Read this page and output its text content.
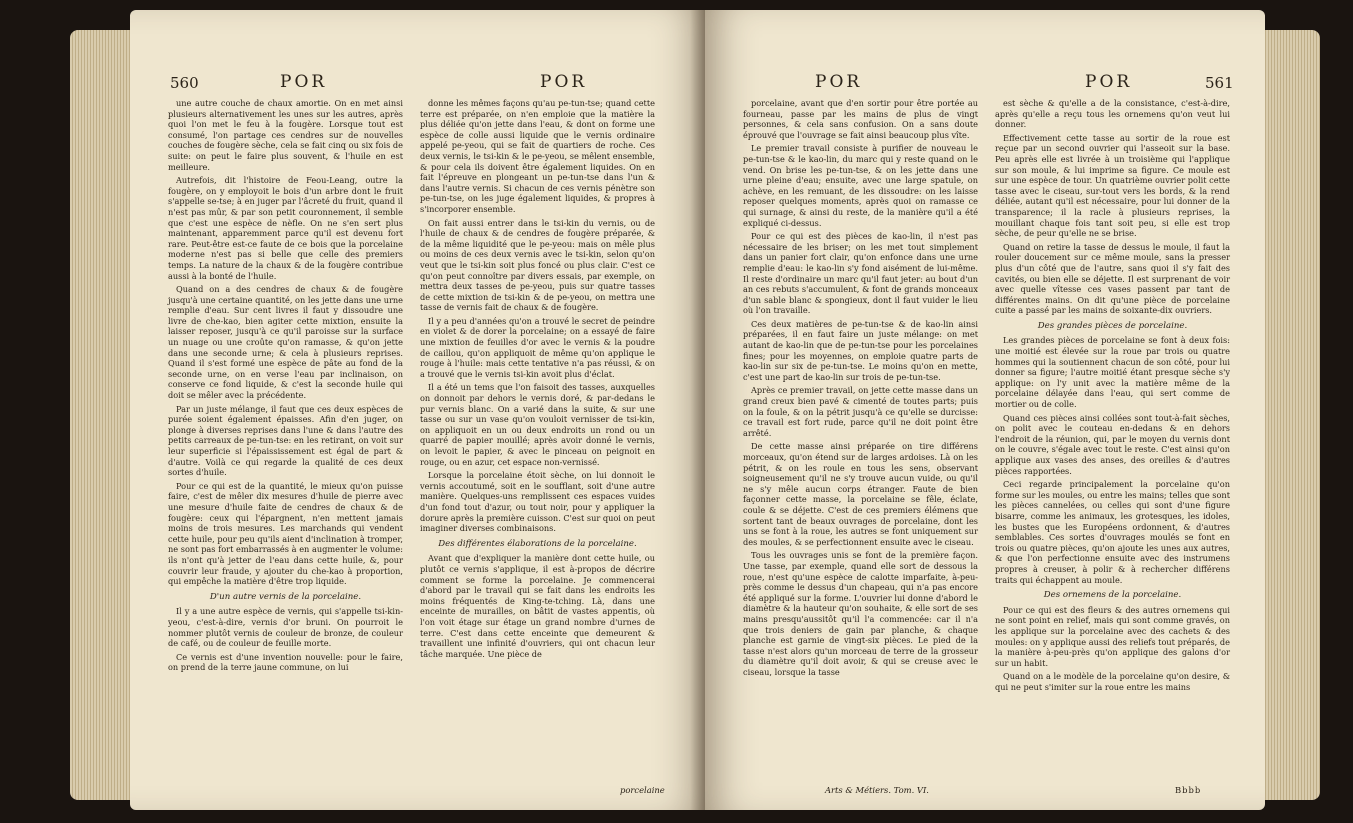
560	POR	POR

une autre couche de chaux amortie. On en met ainsi plusieurs alternativement les unes sur les autres, après quoi l'on met le feu à la fougère. Lorsque tout est consumé, l'on partage ces cendres sur de nouvelles couches de fougère sèche, cela se fait cinq ou six fois de suite: on peut le faire plus souvent, & l'huile en est meilleure.

Autrefois, dit l'histoire de Feou-Leang, outre la fougère, on y employoit le bois d'un arbre dont le fruit s'appelle se-tse; à en juger par l'âcreté du fruit, quand il n'est pas mûr, & par son petit couronnement, il semble que c'est une espèce de nèfle. On ne s'en sert plus maintenant, apparemment parce qu'il est devenu fort rare. Peut-être est-ce faute de ce bois que la porcelaine moderne n'est pas si belle que celle des premiers temps. La nature de la chaux & de la fougère contribue aussi à la bonté de l'huile.

Quand on a des cendres de chaux & de fougère jusqu'à une certaine quantité, on les jette dans une urne remplie d'eau. Sur cent livres il faut y dissoudre une livre de che-kao, bien agiter cette mixtion, ensuite la laisser reposer, jusqu'à ce qu'il paroisse sur la surface un nuage ou une croûte qu'on ramasse, & qu'on jette dans une seconde urne; & cela à plusieurs reprises. Quand il s'est formé une espèce de pâte au fond de la seconde urne, on en verse l'eau par inclinaison, on conserve ce fond liquide, & c'est la seconde huile qui doit se mêler avec la précédente.

Par un juste mélange, il faut que ces deux espèces de purée soient également épaisses. Afin d'en juger, on plonge à diverses reprises dans l'une & dans l'autre des petits carreaux de pe-tun-tse: en les retirant, on voit sur leur superficie si l'épaississement est égal de part & d'autre. Voilà ce qui regarde la qualité de ces deux sortes d'huile.

Pour ce qui est de la quantité, le mieux qu'on puisse faire, c'est de mêler dix mesures d'huile de pierre avec une mesure d'huile faite de cendres de chaux & de fougère: ceux qui l'épargnent, n'en mettent jamais moins de trois mesures. Les marchands qui vendent cette huile, pour peu qu'ils aient d'inclination à tromper, ne sont pas fort embarrassés à en augmenter le volume: ils n'ont qu'à jetter de l'eau dans cette huile, &, pour couvrir leur fraude, y ajouter du che-kao à proportion, qui empêche la matière d'être trop liquide.

D'un autre vernis de la porcelaine.

Il y a une autre espèce de vernis, qui s'appelle tsi-kin-yeou, c'est-à-dire, vernis d'or bruni. On pourroit le nommer plutôt vernis de couleur de bronze, de couleur de café, ou de couleur de feuille morte.

Ce vernis est d'une invention nouvelle: pour le faire, on prend de la terre jaune commune, on lui

donne les mêmes façons qu'au pe-tun-tse; quand cette terre est préparée, on n'en emploie que la matière la plus déliée qu'on jette dans l'eau, & dont on forme une espèce de colle aussi liquide que le vernis ordinaire appelé pe-yeou, qui se fait de quartiers de roche. Ces deux vernis, le tsi-kin & le pe-yeou, se mêlent ensemble, & pour cela ils doivent être également liquides. On en fait l'épreuve en plongeant un pe-tun-tse dans l'un & dans l'autre vernis. Si chacun de ces vernis pénètre son pe-tun-tse, on les juge également liquides, & propres à s'incorporer ensemble.

On fait aussi entrer dans le tsi-kin du vernis, ou de l'huile de chaux & de cendres de fougère préparée, & de la même liquidité que le pe-yeou: mais on mêle plus ou moins de ces deux vernis avec le tsi-kin, selon qu'on veut que le tsi-kin soit plus foncé ou plus clair. C'est ce qu'on peut connoître par divers essais, par exemple, on mettra deux tasses de pe-yeou, puis sur quatre tasses de cette mixtion de tsi-kin & de pe-yeou, on mettra une tasse de vernis fait de chaux & de fougère.

Il y a peu d'années qu'on a trouvé le secret de peindre en violet & de dorer la porcelaine; on a essayé de faire une mixtion de feuilles d'or avec le vernis & la poudre de caillou, qu'on appliquoit de même qu'on applique le rouge à l'huile: mais cette tentative n'a pas réussi, & on a trouvé que le vernis tsi-kin avoit plus d'éclat.

Il a été un tems que l'on faisoit des tasses, auxquelles on donnoit par dehors le vernis doré, & par-dedans le pur vernis blanc. On a varié dans la suite, & sur une tasse ou sur un vase qu'on vouloit vernisser de tsi-kin, on appliquoit en un ou deux endroits un rond ou un quarré de papier mouillé; après avoir donné le vernis, on levoit le papier, & avec le pinceau on peignoit en rouge, ou en azur, cet espace non-vernissé.

Lorsque la porcelaine étoit sèche, on lui donnoit le vernis accoutumé, soit en le soufflant, soit d'une autre manière. Quelques-uns remplissent ces espaces vuides d'un fond tout d'azur, ou tout noir, pour y appliquer la dorure après la première cuisson. C'est sur quoi on peut imaginer diverses combinaisons.

Des différentes élaborations de la porcelaine.

Avant que d'expliquer la manière dont cette huile, ou plutôt ce vernis s'applique, il est à-propos de décrire comment se forme la porcelaine. Je commencerai d'abord par le travail qui se fait dans les endroits les moins fréquentés de King-te-tching. Là, dans une enceinte de murailles, on bâtit de vastes appentis, où l'on voit étage sur étage un grand nombre d'urnes de terre. C'est dans cette enceinte que demeurent & travaillent une infinité d'ouvriers, qui ont chacun leur tâche marquée. Une pièce de

porcelaine
POR	POR	561

porcelaine, avant que d'en sortir pour être portée au fourneau, passe par les mains de plus de vingt personnes, & cela sans confusion. On a sans doute éprouvé que l'ouvrage se fait ainsi beaucoup plus vîte.

Le premier travail consiste à purifier de nouveau le pe-tun-tse & le kao-lin, du marc qui y reste quand on le vend. On brise les pe-tun-tse, & on les jette dans une urne pleine d'eau; ensuite, avec une large spatule, on achève, en les remuant, de les dissoudre: on les laisse reposer quelques moments, après quoi on ramasse ce qui surnage, & ainsi du reste, de la manière qu'il a été expliqué ci-dessus.

Pour ce qui est des pièces de kao-lin, il n'est pas nécessaire de les briser; on les met tout simplement dans un panier fort clair, qu'on enfonce dans une urne remplie d'eau: le kao-lin s'y fond aisément de lui-même. Il reste d'ordinaire un marc qu'il faut jeter: au bout d'un an ces rebuts s'accumulent, & font de grands monceaux d'un sable blanc & spongieux, dont il faut vuider le lieu où l'on travaille.

Ces deux matières de pe-tun-tse & de kao-lin ainsi préparées, il en faut faire un juste mélange: on met autant de kao-lin que de pe-tun-tse pour les porcelaines fines; pour les moyennes, on emploie quatre parts de kao-lin sur six de pe-tun-tse. Le moins qu'on en mette, c'est une part de kao-lin sur trois de pe-tun-tse.

Après ce premier travail, on jette cette masse dans un grand creux bien pavé & cimenté de toutes parts; puis on la foule, & on la pétrit jusqu'à ce qu'elle se durcisse: ce travail est fort rude, parce qu'il ne doit point être arrêté.

De cette masse ainsi préparée on tire différens morceaux, qu'on étend sur de larges ardoises. Là on les pétrit, & on les roule en tous les sens, observant soigneusement qu'il ne s'y trouve aucun vuide, ou qu'il ne s'y mêle aucun corps étranger. Faute de bien façonner cette masse, la porcelaine se fêle, éclate, coule & se déjette. C'est de ces premiers élémens que sortent tant de beaux ouvrages de porcelaine, dont les uns se font à la roue, les autres se font uniquement sur des moules, & se perfectionnent ensuite avec le ciseau.

Tous les ouvrages unis se font de la première façon. Une tasse, par exemple, quand elle sort de dessous la roue, n'est qu'une espèce de calotte imparfaite, à-peu-près comme le dessus d'un chapeau, qui n'a pas encore été appliqué sur la forme. L'ouvrier lui donne d'abord le diamètre & la hauteur qu'on souhaite, & elle sort de ses mains presqu'aussitôt qu'il l'a commencée: car il n'a que trois deniers de gain par planche, & chaque planche est garnie de vingt-six pièces. Le pied de la tasse n'est alors qu'un morceau de terre de la grosseur du diamètre qu'il doit avoir, & qui se creuse avec le ciseau, lorsque la tasse

Arts & Métiers. Tom. VI.

est sèche & qu'elle a de la consistance, c'est-à-dire, après qu'elle a reçu tous les ornemens qu'on veut lui donner.

Effectivement cette tasse au sortir de la roue est reçue par un second ouvrier qui l'asseoit sur la base. Peu après elle est livrée à un troisième qui l'applique sur son moule, & lui imprime sa figure. Ce moule est sur une espèce de tour. Un quatrième ouvrier polit cette tasse avec le ciseau, sur-tout vers les bords, & la rend déliée, autant qu'il est nécessaire, pour lui donner de la transparence; il la racle à plusieurs reprises, la mouillant chaque fois tant soit peu, si elle est trop sèche, de peur qu'elle ne se brise.

Quand on retire la tasse de dessus le moule, il faut la rouler doucement sur ce même moule, sans la presser plus d'un côté que de l'autre, sans quoi il s'y fait des cavités, ou bien elle se déjette. Il est surprenant de voir avec quelle vîtesse ces vases passent par tant de différentes mains. On dit qu'une pièce de porcelaine cuite a passé par les mains de soixante-dix ouvriers.

Des grandes pièces de porcelaine.

Les grandes pièces de porcelaine se font à deux fois: une moitié est élevée sur la roue par trois ou quatre hommes qui la soutiennent chacun de son côté, pour lui donner sa figure; l'autre moitié étant presque sèche s'y applique: on l'y unit avec la matière même de la porcelaine délayée dans l'eau, qui sert comme de mortier ou de colle.

Quand ces pièces ainsi collées sont tout-à-fait sèches, on polit avec le couteau en-dedans & en dehors l'endroit de la réunion, qui, par le moyen du vernis dont on le couvre, s'égale avec tout le reste. C'est ainsi qu'on applique aux vases des anses, des oreilles & d'autres pièces rapportées.

Ceci regarde principalement la porcelaine qu'on forme sur les moules, ou entre les mains; telles que sont les pièces cannelées, ou celles qui sont d'une figure bisarre, comme les animaux, les grotesques, les idoles, les bustes que les Européens ordonnent, & d'autres semblables. Ces sortes d'ouvrages moulés se font en trois ou quatre pièces, qu'on ajoute les unes aux autres, & que l'on perfectionne ensuite avec des instrumens propres à creuser, à polir & à rechercher différens traits qui échappent au moule.

Des ornemens de la porcelaine.

Pour ce qui est des fleurs & des autres ornemens qui ne sont point en relief, mais qui sont comme gravés, on les applique sur la porcelaine avec des cachets & des moules: on y applique aussi des reliefs tout préparés, de la manière à-peu-près qu'on applique des galons d'or sur un habit.

Quand on a le modèle de la porcelaine qu'on desire, & qui ne peut s'imiter sur la roue entre les mains

Bbbb
